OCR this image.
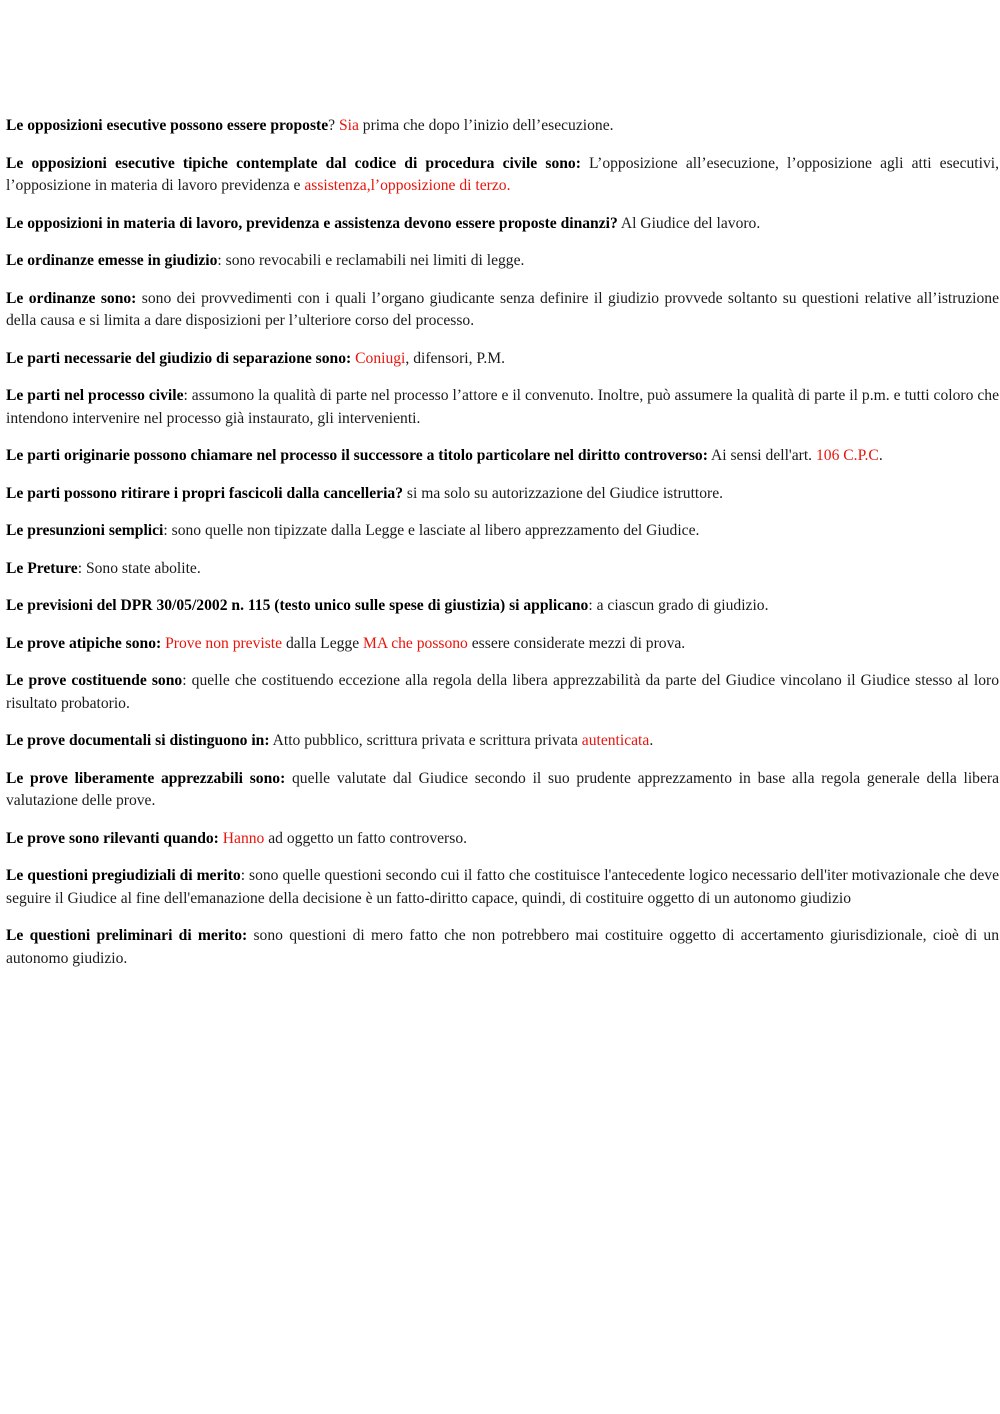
Le opposizioni esecutive possono essere proposte? Sia prima che dopo l’inizio dell’esecuzione.

Le opposizioni esecutive tipiche contemplate dal codice di procedura civile sono: L’opposizione all’esecuzione, l’opposizione agli atti esecutivi, l’opposizione in materia di lavoro previdenza e assistenza,l’opposizione di terzo.

Le opposizioni in materia di lavoro, previdenza e assistenza devono essere proposte dinanzi? Al Giudice del lavoro.

Le ordinanze emesse in giudizio: sono revocabili e reclamabili nei limiti di legge.

Le ordinanze sono: sono dei provvedimenti con i quali l’organo giudicante senza definire il giudizio provvede soltanto su questioni relative all’istruzione della causa e si limita a dare disposizioni per l’ulteriore corso del processo.

Le parti necessarie del giudizio di separazione sono: Coniugi, difensori, P.M.

Le parti nel processo civile: assumono la qualità di parte nel processo l’attore e il convenuto. Inoltre, può assumere la qualità di parte il p.m. e tutti coloro che intendono intervenire nel processo già instaurato, gli intervenienti.

Le parti originarie possono chiamare nel processo il successore a titolo particolare nel diritto controverso: Ai sensi dell'art. 106 C.P.C.

Le parti possono ritirare i propri fascicoli dalla cancelleria? si ma solo su autorizzazione del Giudice istruttore.

Le presunzioni semplici: sono quelle non tipizzate dalla Legge e lasciate al libero apprezzamento del Giudice.

Le Preture: Sono state abolite.

Le previsioni del DPR 30/05/2002 n. 115 (testo unico sulle spese di giustizia) si applicano: a ciascun grado di giudizio.

Le prove atipiche sono: Prove non previste dalla Legge MA che possono essere considerate mezzi di prova.

Le prove costituende sono: quelle che costituendo eccezione alla regola della libera apprezzabilità da parte del Giudice vincolano il Giudice stesso al loro risultato probatorio.

Le prove documentali si distinguono in: Atto pubblico, scrittura privata e scrittura privata autenticata.

Le prove liberamente apprezzabili sono: quelle valutate dal Giudice secondo il suo prudente apprezzamento in base alla regola generale della libera valutazione delle prove.

Le prove sono rilevanti quando: Hanno ad oggetto un fatto controverso.

Le questioni pregiudiziali di merito: sono quelle questioni secondo cui il fatto che costituisce l'antecedente logico necessario dell'iter motivazionale che deve seguire il Giudice al fine dell'emanazione della decisione è un fatto-diritto capace, quindi, di costituire oggetto di un autonomo giudizio

Le questioni preliminari di merito: sono questioni di mero fatto che non potrebbero mai costituire oggetto di accertamento giurisdizionale, cioè di un autonomo giudizio.
